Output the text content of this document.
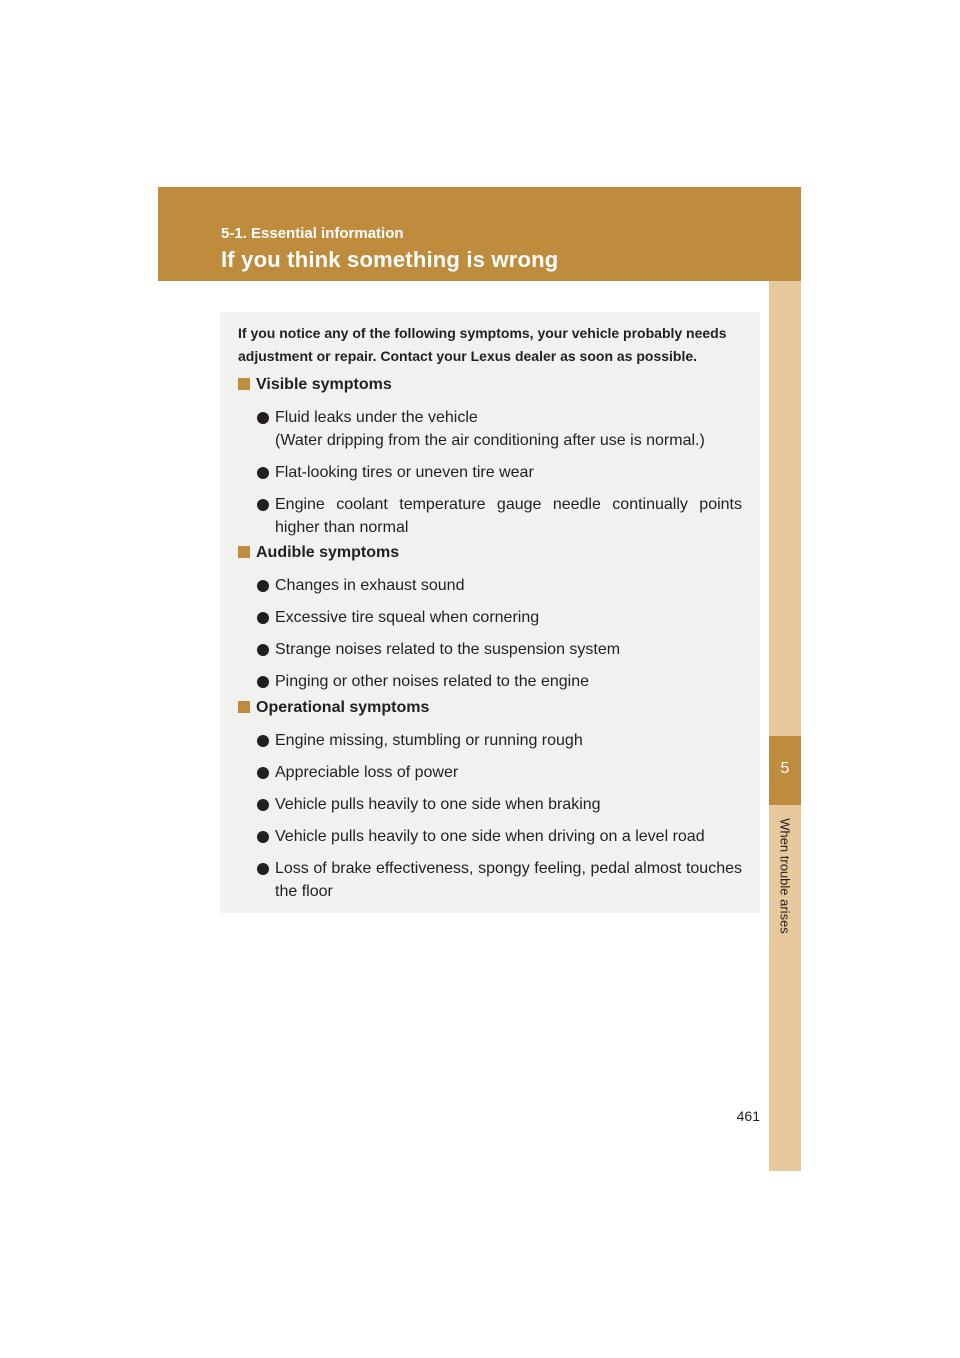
5-1. Essential information
If you think something is wrong
5
When trouble arises
If you notice any of the following symptoms, your vehicle probably needs adjustment or repair. Contact your Lexus dealer as soon as possible.
Visible symptoms
Fluid leaks under the vehicle
(Water dripping from the air conditioning after use is normal.)
Flat-looking tires or uneven tire wear
Engine coolant temperature gauge needle continually points higher than normal
Audible symptoms
Changes in exhaust sound
Excessive tire squeal when cornering
Strange noises related to the suspension system
Pinging or other noises related to the engine
Operational symptoms
Engine missing, stumbling or running rough
Appreciable loss of power
Vehicle pulls heavily to one side when braking
Vehicle pulls heavily to one side when driving on a level road
Loss of brake effectiveness, spongy feeling, pedal almost touches the floor
461
